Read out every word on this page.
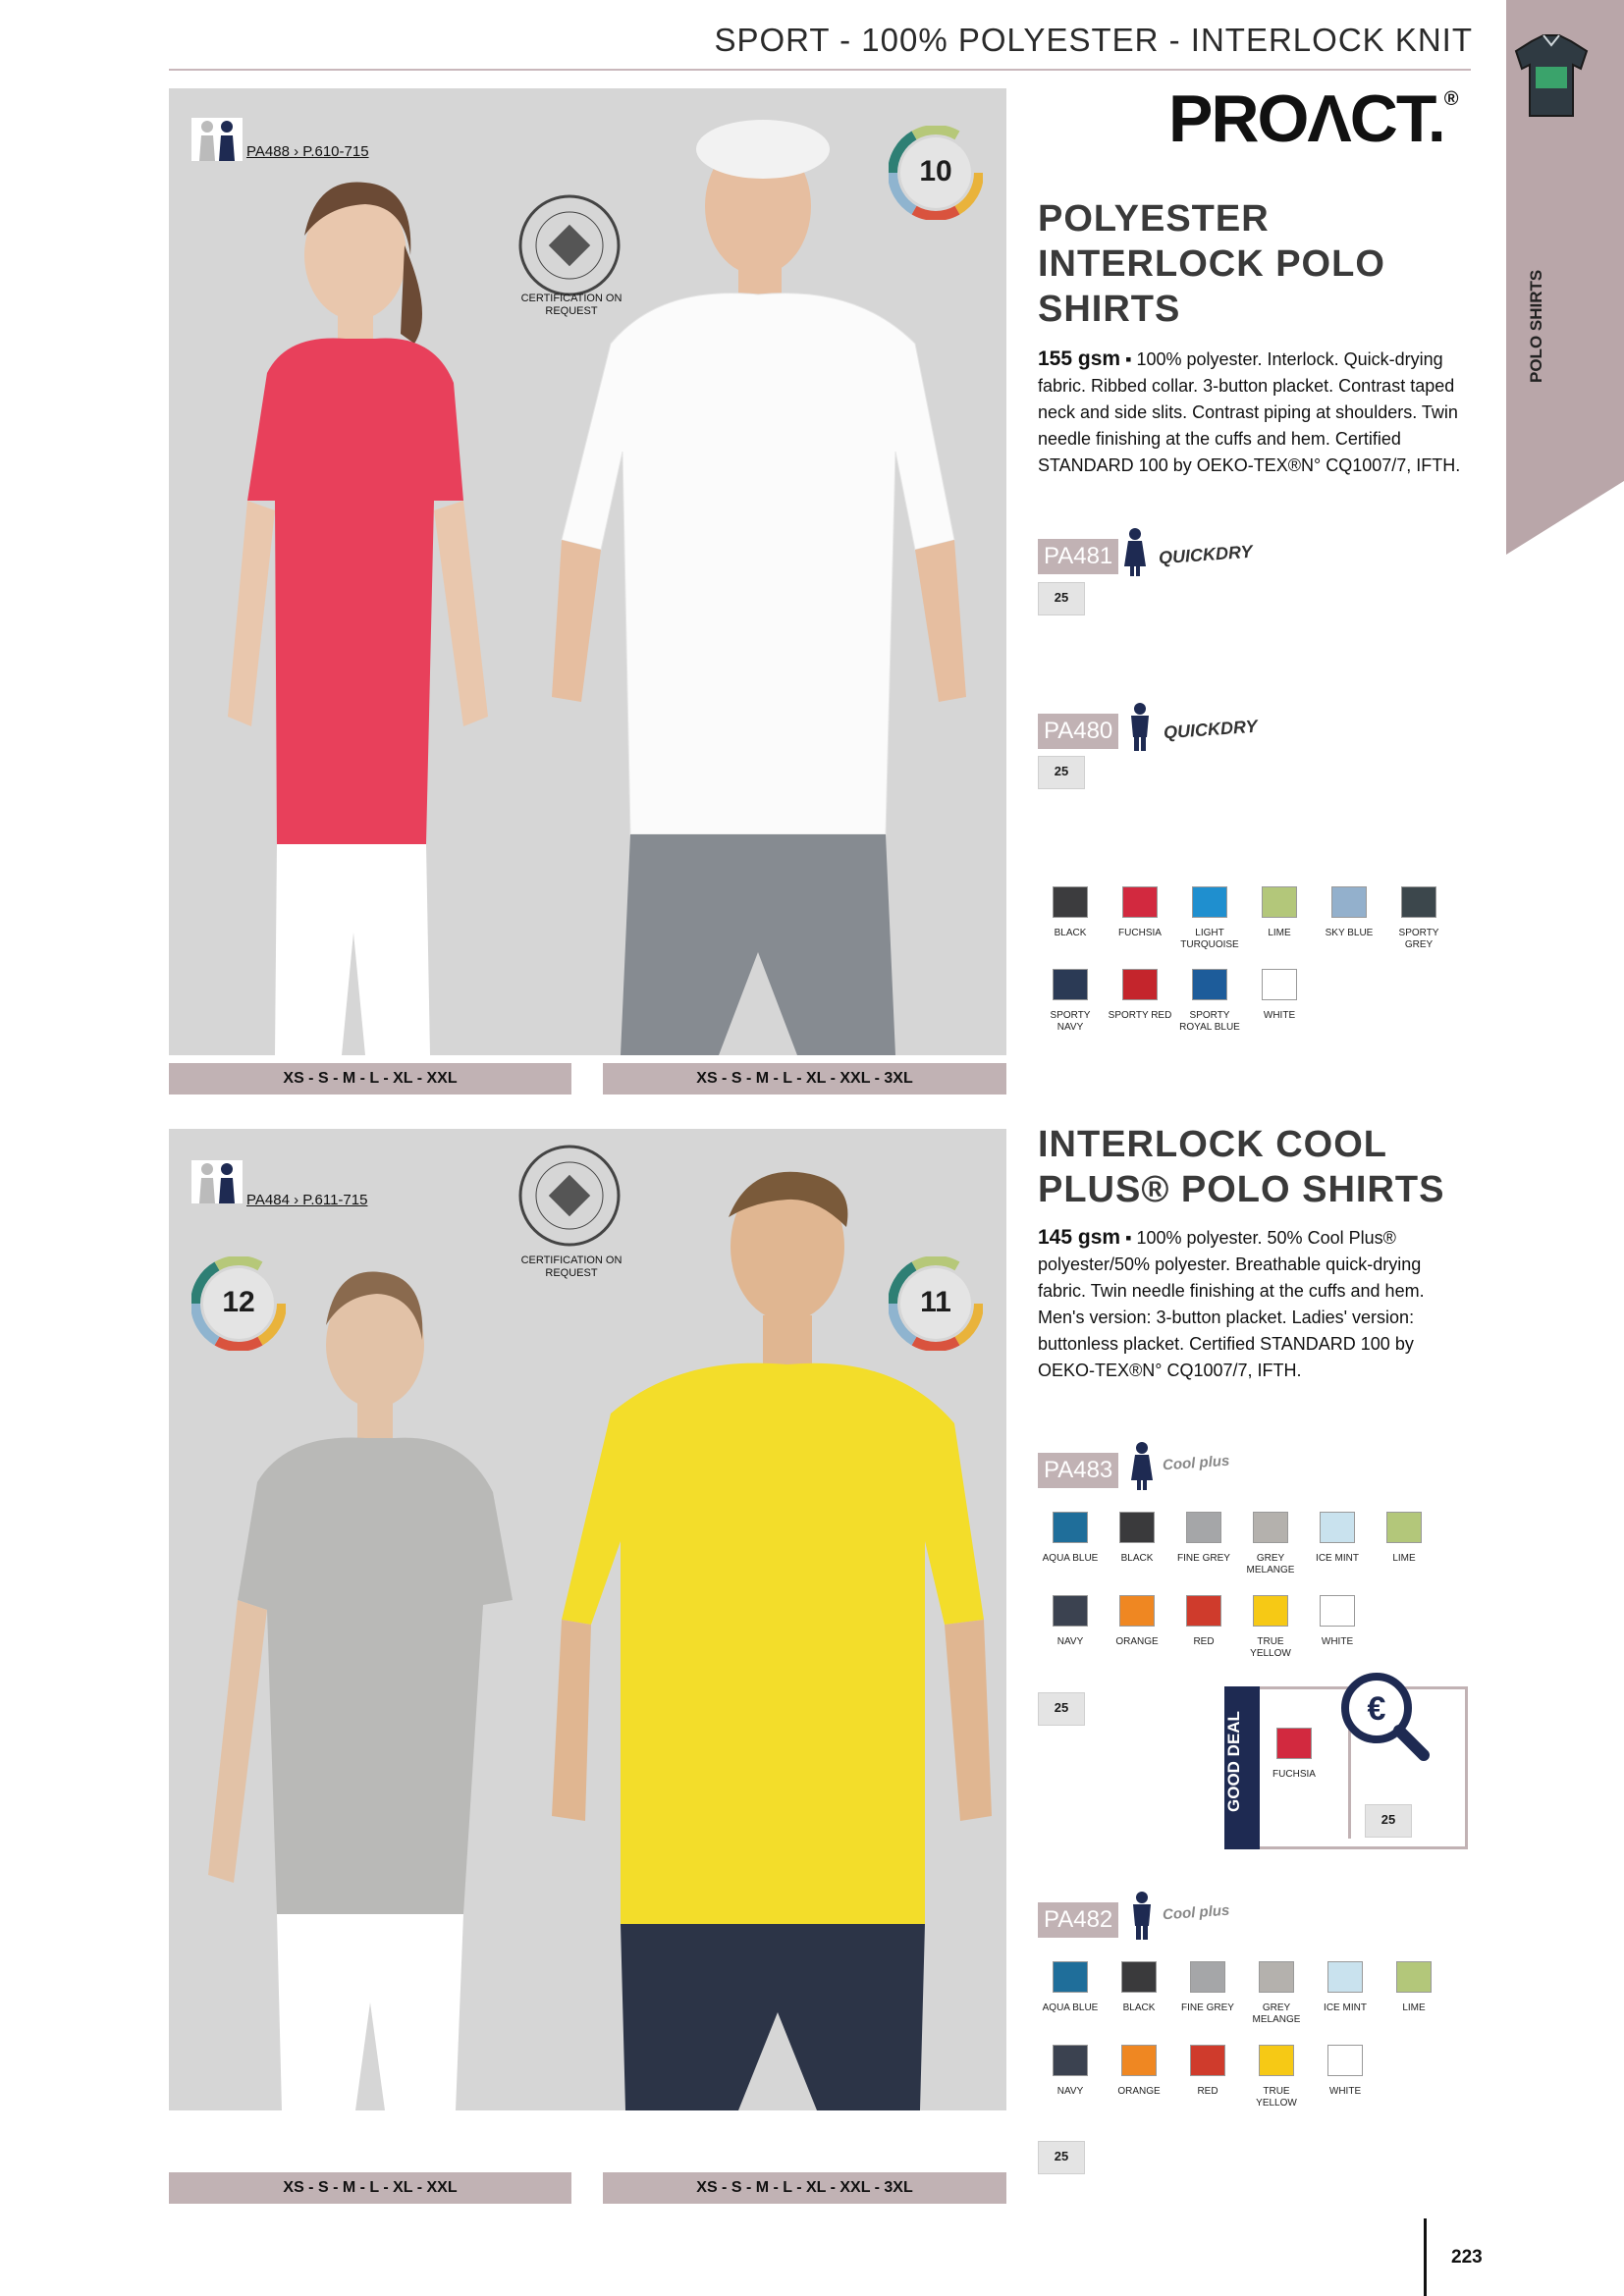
SPORT - 100% POLYESTER - INTERLOCK KNIT
POLO SHIRTS
PROΛCT.®
PA488 › P.610-715
CERTIFICATION ON REQUEST
10
XS - S - M - L - XL - XXL	XS - S - M - L - XL - XXL - 3XL
POLYESTER
INTERLOCK POLO
SHIRTS
155 gsm ▪ 100% polyester. Interlock. Quick-drying fabric. Ribbed collar. 3-button placket. Contrast taped neck and side slits. Contrast piping at shoulders. Twin needle finishing at the cuffs and hem. Certified STANDARD 100 by OEKO-TEX®N° CQ1007/7, IFTH.
PA481	QUICKDRY
25
PA480	QUICKDRY
25
BLACK	FUCHSIA	LIGHT TURQUOISE
LIME	SKY BLUE	SPORTY GREY
SPORTY NAVY
SPORTY RED	SPORTY ROYAL BLUE
WHITE
PA484 › P.611-715
CERTIFICATION ON REQUEST
12	11
XS - S - M - L - XL - XXL	XS - S - M - L - XL - XXL - 3XL
INTERLOCK COOL
PLUS® POLO SHIRTS
145 gsm ▪ 100% polyester. 50% Cool Plus® polyester/50% polyester. Breathable quick-drying fabric. Twin needle finishing at the cuffs and hem. Men's version: 3-button placket. Ladies' version: buttonless placket. Certified STANDARD 100 by OEKO-TEX®N° CQ1007/7, IFTH.
PA483	Cool plus
AQUA BLUE	BLACK	FINE GREY	GREY MELANGE
ICE MINT	LIME
NAVY	ORANGE	RED	TRUE YELLOW
WHITE
25
GOOD DEAL	FUCHSIA
25
€
PA482	Cool plus
AQUA BLUE	BLACK	FINE GREY	GREY MELANGE
ICE MINT	LIME
NAVY	ORANGE	RED	TRUE YELLOW
WHITE
25
223
